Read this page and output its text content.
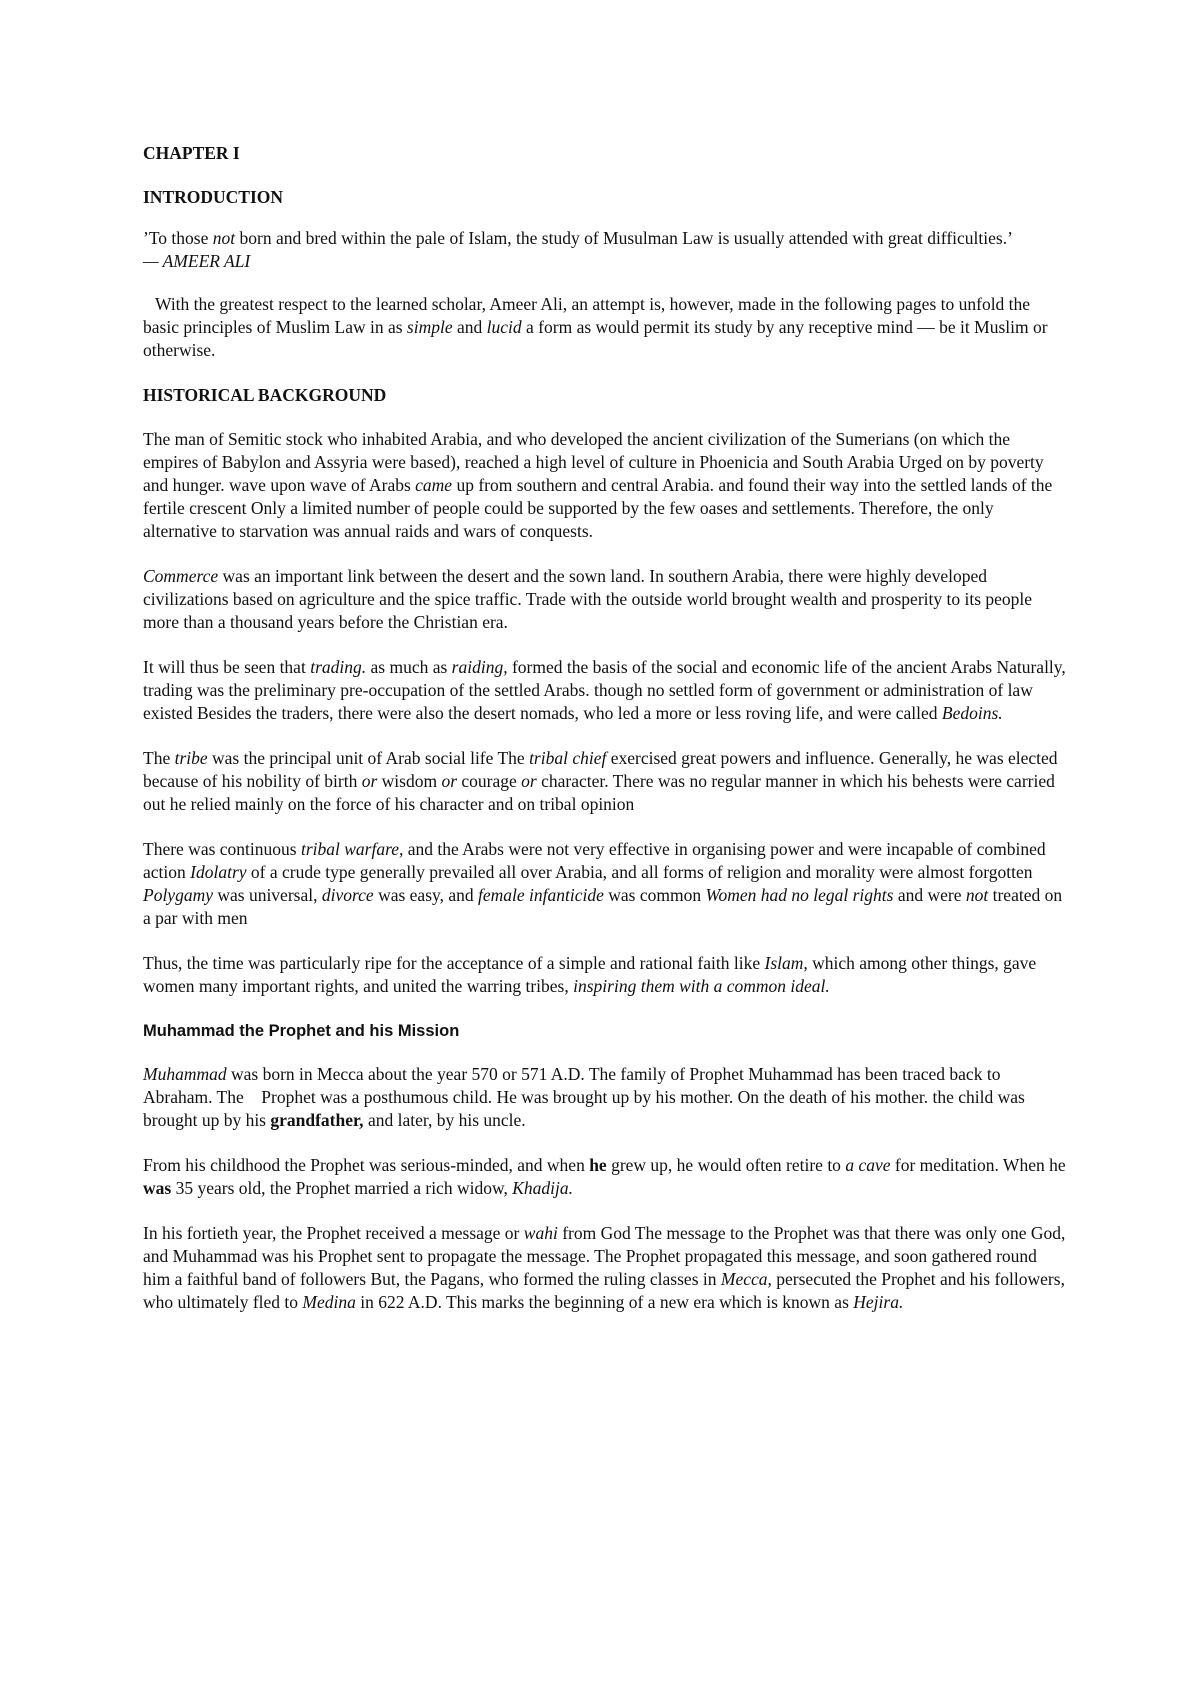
CHAPTER I
INTRODUCTION

’To those not born and bred within the pale of Islam, the study of Musulman Law is usually attended with great difficulties.’

— AMEER ALI

With the greatest respect to the learned scholar, Ameer Ali, an attempt is, however, made in the following pages to unfold the basic principles of Muslim Law in as simple and lucid a form as would permit its study by any receptive mind — be it Muslim or otherwise.

HISTORICAL BACKGROUND

The man of Semitic stock who inhabited Arabia, and who developed the ancient civilization of the Sumerians (on which the empires of Babylon and Assyria were based), reached a high level of culture in Phoenicia and South Arabia Urged on by poverty and hunger. wave upon wave of Arabs came up from southern and central Arabia. and found their way into the settled lands of the fertile crescent Only a limited number of people could be supported by the few oases and settlements. Therefore, the only alternative to starvation was annual raids and wars of conquests.

Commerce was an important link between the desert and the sown land. In southern Arabia, there were highly developed civilizations based on agriculture and the spice traffic. Trade with the outside world brought wealth and prosperity to its people more than a thousand years before the Christian era.

It will thus be seen that trading. as much as raiding, formed the basis of the social and economic life of the ancient Arabs Naturally, trading was the preliminary pre-occupation of the settled Arabs. though no settled form of government or administration of law existed Besides the traders, there were also the desert nomads, who led a more or less roving life, and were called Bedoins.

The tribe was the principal unit of Arab social life The tribal chief exercised great powers and influence. Generally, he was elected because of his nobility of birth or wisdom or courage or character. There was no regular manner in which his behests were carried out he relied mainly on the force of his character and on tribal opinion

There was continuous tribal warfare, and the Arabs were not very effective in organising power and were incapable of combined action Idolatry of a crude type generally prevailed all over Arabia, and all forms of religion and morality were almost forgotten Polygamy was universal, divorce was easy, and female infanticide was common Women had no legal rights and were not treated on a par with men

Thus, the time was particularly ripe for the acceptance of a simple and rational faith like Islam, which among other things, gave women many important rights, and united the warring tribes, inspiring them with a common ideal.

Muhammad the Prophet and his Mission

Muhammad was born in Mecca about the year 570 or 571 A.D. The family of Prophet Muhammad has been traced back to Abraham. The    Prophet was a posthumous child. He was brought up by his mother. On the death of his mother. the child was brought up by his grandfather, and later, by his uncle.

From his childhood the Prophet was serious-minded, and when he grew up, he would often retire to a cave for meditation. When he was 35 years old, the Prophet married a rich widow, Khadija.

In his fortieth year, the Prophet received a message or wahi from God The message to the Prophet was that there was only one God, and Muhammad was his Prophet sent to propagate the message. The Prophet propagated this message, and soon gathered round him a faithful band of followers But, the Pagans, who formed the ruling classes in Mecca, persecuted the Prophet and his followers, who ultimately fled to Medina in 622 A.D. This marks the beginning of a new era which is known as Hejira.
